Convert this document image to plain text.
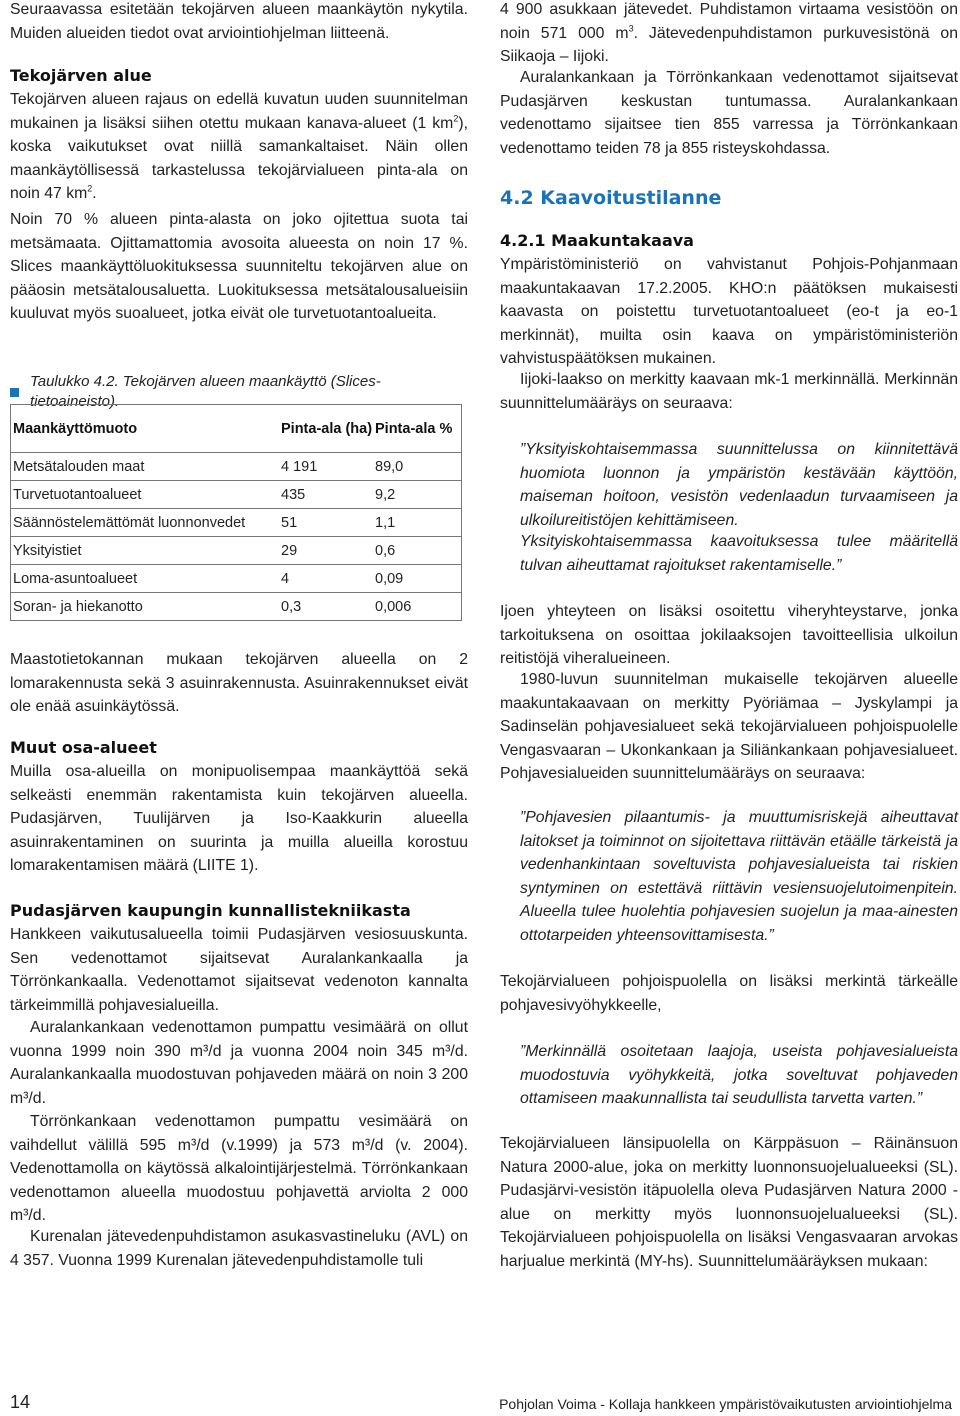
Seuraavassa esitetään tekojärven alueen maankäytön nykytila. Muiden alueiden tiedot ovat arviointiohjelman liitteenä.

Tekojärven alue

Tekojärven alueen rajaus on edellä kuvatun uuden suunnitelman mukainen ja lisäksi siihen otettu mukaan kanava-alueet (1 $km^2$), koska vaikutukset ovat niillä samankaltaiset. Näin ollen maankäytöllisessä tarkastelussa tekojärvialueen pinta-ala on noin 47 $km^2$.

Noin 70 % alueen pinta-alasta on joko ojitettua suota tai metsämaata. Ojittamattomia avosoita alueesta on noin 17 %. Slices maankäyttöluokituksessa suunniteltu tekojärven alue on pääosin metsätalousaluetta. Luokituksessa metsätalousalueisiin kuuluvat myös suoalueet, jotka eivät ole turvetuotantoalueita.

Taulukko 4.2. Tekojärven alueen maankäyttö (Slices-tietoaineisto).

Maankäyttömuoto	Pinta-ala (ha)	Pinta-ala %
Metsätalouden maat	4 191	89,0
Turvetuotantoalueet	435	9,2
Säännöstelemättömät luonnonvedet	51	1,1
Yksityistiet	29	0,6
Loma-asuntoalueet	4	0,09
Soran- ja hiekanotto	0,3	0,006

Maastotietokannan mukaan tekojärven alueella on 2 lomarakennusta sekä 3 asuinrakennusta. Asuinrakennukset eivät ole enää asuinkäytössä.

Muut osa-alueet

Muilla osa-alueilla on monipuolisempaa maankäyttöä sekä selkeästi enemmän rakentamista kuin tekojärven alueella. Pudasjärven, Tuulijärven ja Iso-Kaakkurin alueella asuinrakentaminen on suurinta ja muilla alueilla korostuu lomarakentamisen määrä (LIITE 1).

Pudasjärven kaupungin kunnallistekniikasta

Hankkeen vaikutusalueella toimii Pudasjärven vesiosuuskunta. Sen vedenottamot sijaitsevat Auralankankaalla ja Törrönkankaalla. Vedenottamot sijaitsevat vedenoton kannalta tärkeimmillä pohjavesialueilla.

Auralankankaan vedenottamon pumpattu vesimäärä on ollut vuonna 1999 noin 390 m³/d ja vuonna 2004 noin 345 m³/d. Auralankankaalla muodostuvan pohjaveden määrä on noin 3 200 m³/d.

Törrönkankaan vedenottamon pumpattu vesimäärä on vaihdellut välillä 595 m³/d (v.1999) ja 573 m³/d (v. 2004). Vedenottamolla on käytössä alkalointijärjestelmä. Törrönkankaan vedenottamon alueella muodostuu pohjavettä arviolta 2 000 m³/d.

Kurenalan jätevedenpuhdistamon asukasvastineluku (AVL) on 4 357. Vuonna 1999 Kurenalan jätevedenpuhdistamolle tuli

4 900 asukkaan jätevedet. Puhdistamon virtaama vesistöön on noin 571 000 $m^3$. Jätevedenpuhdistamon purkuvesistönä on Siikaoja – Iijoki.

Auralankankaan ja Törrönkankaan vedenottamot sijaitsevat Pudasjärven keskustan tuntumassa. Auralankankaan vedenottamo sijaitsee tien 855 varressa ja Törrönkankaan vedenottamo teiden 78 ja 855 risteyskohdassa.

4.2 Kaavoitustilanne

4.2.1 Maakuntakaava

Ympäristöministeriö on vahvistanut Pohjois-Pohjanmaan maakuntakaavan 17.2.2005. KHO:n päätöksen mukaisesti kaavasta on poistettu turvetuotantoalueet (eo-t ja eo-1 merkinnät), muilta osin kaava on ympäristöministeriön vahvistuspäätöksen mukainen.

Iijoki-laakso on merkitty kaavaan mk-1 merkinnällä. Merkinnän suunnittelumääräys on seuraava:

”Yksityiskohtaisemmassa suunnittelussa on kiinnitettävä huomiota luonnon ja ympäristön kestävään käyttöön, maiseman hoitoon, vesistön vedenlaadun turvaamiseen ja ulkoilureitistöjen kehittämiseen.

Yksityiskohtaisemmassa kaavoituksessa tulee määritellä tulvan aiheuttamat rajoitukset rakentamiselle.”

Ijoen yhteyteen on lisäksi osoitettu viheryhteystarve, jonka tarkoituksena on osoittaa jokilaaksojen tavoitteellisia ulkoilun reitistöjä viheralueineen.

1980-luvun suunnitelman mukaiselle tekojärven alueelle maakuntakaavaan on merkitty Pyöriämaa – Jyskylampi ja Sadinselän pohjavesialueet sekä tekojärvialueen pohjoispuolelle Vengasvaaran – Ukonkankaan ja Siliänkankaan pohjavesialueet. Pohjavesialueiden suunnittelumääräys on seuraava:

”Pohjavesien pilaantumis- ja muuttumisriskejä aiheuttavat laitokset ja toiminnot on sijoitettava riittävän etäälle tärkeistä ja vedenhankintaan soveltuvista pohjavesialueista tai riskien syntyminen on estettävä riittävin vesiensuojelutoimenpitein. Alueella tulee huolehtia pohjavesien suojelun ja maa-ainesten ottotarpeiden yhteensovittamisesta.”

Tekojärvialueen pohjoispuolella on lisäksi merkintä tärkeälle pohjavesivyöhykkeelle,

”Merkinnällä osoitetaan laajoja, useista pohjavesialueista muodostuvia vyöhykkeitä, jotka soveltuvat pohjaveden ottamiseen maakunnallista tai seudullista tarvetta varten.”

Tekojärvialueen länsipuolella on Kärppäsuon – Räinänsuon Natura 2000-alue, joka on merkitty luonnonsuojelualueeksi (SL). Pudasjärvi-vesistön itäpuolella oleva Pudasjärven Natura 2000 -alue on merkitty myös luonnonsuojelualueeksi (SL). Tekojärvialueen pohjoispuolella on lisäksi Vengasvaaran arvokas harjualue merkintä (MY-hs). Suunnittelumääräyksen mukaan:

14	Pohjolan Voima - Kollaja hankkeen ympäristövaikutusten arviointiohjelma
